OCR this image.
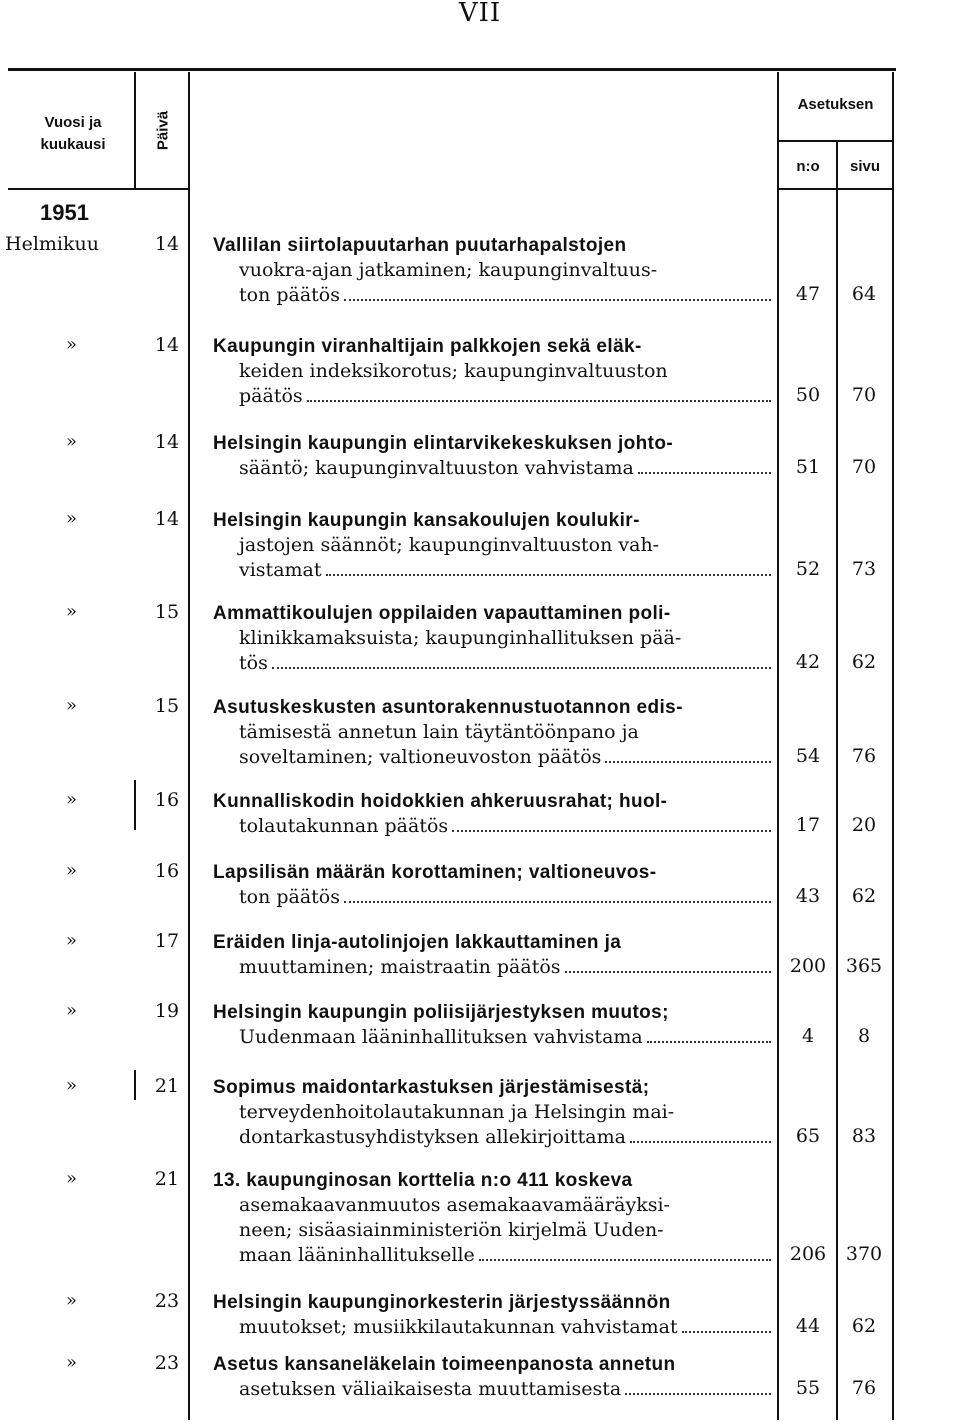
VII
Vuosi ja
kuukausi	Päivä
Asetuksen
n:o	sivu
1951
Helmikuu	14 Vallilan siirtolapuutarhan puutarhapalstojen
vuokra-ajan jatkaminen; kaupunginvaltuus-
ton päätös	47	64
»	14 Kaupungin viranhaltijain palkkojen sekä eläk-
keiden indeksikorotus; kaupunginvaltuuston
päätös	50	70
»	14 Helsingin kaupungin elintarvikekeskuksen johto-
sääntö; kaupunginvaltuuston vahvistama	51	70
»	14 Helsingin kaupungin kansakoulujen koulukir-
jastojen säännöt; kaupunginvaltuuston vah-
vistamat	52	73
»	15 Ammattikoulujen oppilaiden vapauttaminen poli-
klinikkamaksuista; kaupunginhallituksen pää-
tös	42	62
»	15 Asutuskeskusten asuntorakennustuotannon edis-
tämisestä annetun lain täytäntöönpano ja
soveltaminen; valtioneuvoston päätös	54	76
»	16 Kunnalliskodin hoidokkien ahkeruusrahat; huol-
tolautakunnan päätös	17	20
»	16 Lapsilisän määrän korottaminen; valtioneuvos-
ton päätös	43	62
»	17 Eräiden linja-autolinjojen lakkauttaminen ja
muuttaminen; maistraatin päätös	200	365
»	19 Helsingin kaupungin poliisijärjestyksen muutos;
Uudenmaan lääninhallituksen vahvistama	4	8
»	21 Sopimus maidontarkastuksen järjestämisestä;
terveydenhoitolautakunnan ja Helsingin mai-
dontarkastusyhdistyksen allekirjoittama	65	83
»	21 13. kaupunginosan korttelia n:o 411 koskeva
asemakaavanmuutos asemakaavamääräyksi-
neen; sisäasiainministeriön kirjelmä Uuden-
maan lääninhallitukselle	206	370
»	23 Helsingin kaupunginorkesterin järjestyssäännön
muutokset; musiikkilautakunnan vahvistamat	44	62
»	23 Asetus kansaneläkelain toimeenpanosta annetun
asetuksen väliaikaisesta muuttamisesta	55	76
